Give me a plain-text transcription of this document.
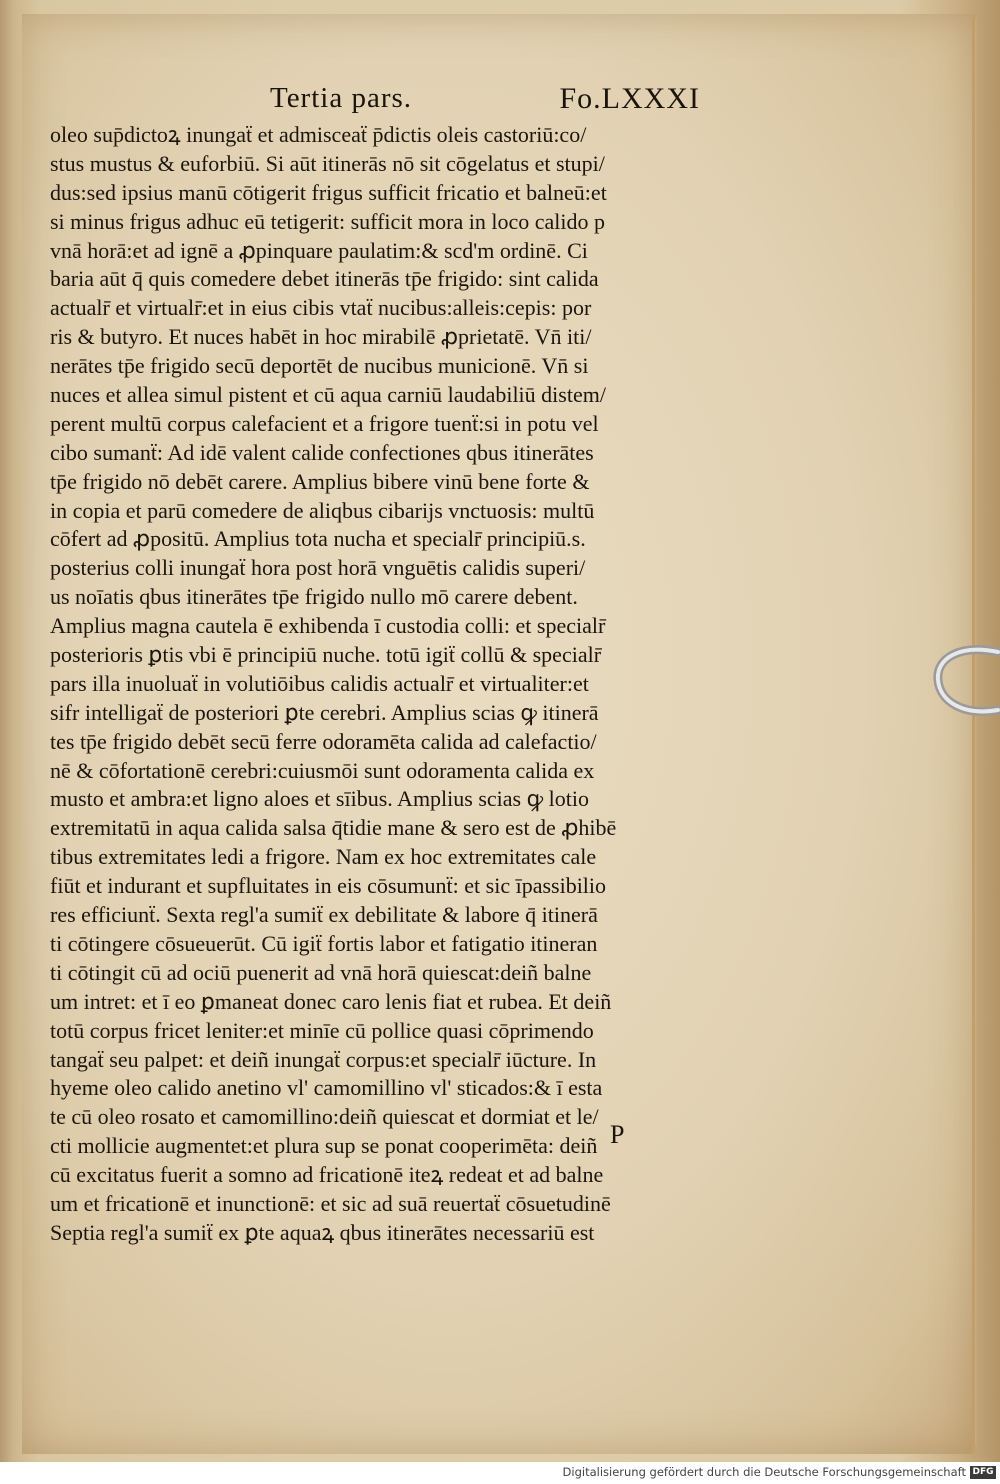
Tertia pars.	Fo.LXXXI
oleo sup̄dictoꝝ inungaẗ et admisceaẗ p̄dictis oleis castoriū:co/
stus mustus & euforbiū. Si aūt itinerās nō sit cōgelatus et stupi/
dus:sed ipsius manū cōtigerit frigus sufficit fricatio et balneū:et
si minus frigus adhuc eū tetigerit: sufficit mora in loco calido p
vnā horā:et ad ignē a ꝓpinquare paulatim:& scd'm ordinē. Ci
baria aūt q̄ quis comedere debet itinerās tp̄e frigido: sint calida
actualr̄ et virtualr̄:et in eius cibis vtaẗ nucibus:alleis:cepis: por
ris & butyro. Et nuces habēt in hoc mirabilē ꝓprietatē. Vn̄ iti/
nerātes tp̄e frigido secū deportēt de nucibus municionē. Vn̄ si
nuces et allea simul pistent et cū aqua carniū laudabiliū distem/
perent multū corpus calefacient et a frigore tuenẗ:si in potu vel
cibo sumanẗ: Ad idē valent calide confectiones qbus itinerātes
tp̄e frigido nō debēt carere. Amplius bibere vinū bene forte &
in copia et parū comedere de aliqbus cibarijs vnctuosis: multū
cōfert ad ꝓpositū. Amplius tota nucha et specialr̄ principiū.s.
posterius colli inungaẗ hora post horā vnguētis calidis superi/
us noīatis qbus itinerātes tp̄e frigido nullo mō carere debent.
Amplius magna cautela ē exhibenda ī custodia colli: et specialr̄
posterioris ꝑtis vbi ē principiū nuche. totū igiẗ collū & specialr̄
pars illa inuoluaẗ in volutiōibus calidis actualr̄ et virtualiter:et
sifr intelligaẗ de posteriori ꝑte cerebri. Amplius scias ꝙ itinerā
tes tp̄e frigido debēt secū ferre odoramēta calida ad calefactio/
nē & cōfortationē cerebri:cuiusmōi sunt odoramenta calida ex
musto et ambra:et ligno aloes et sīibus. Amplius scias ꝙ lotio
extremitatū in aqua calida salsa q̄tidie mane & sero est de ꝓhibē
tibus extremitates ledi a frigore. Nam ex hoc extremitates cale
fiūt et indurant et supfluitates in eis cōsumunẗ: et sic īpassibilio
res efficiunẗ. Sexta regl'a sumiẗ ex debilitate & labore q̄ itinerā
ti cōtingere cōsueuerūt. Cū igiẗ fortis labor et fatigatio itineran
ti cōtingit cū ad ociū puenerit ad vnā horā quiescat:deiñ balne
um intret: et ī eo ꝑmaneat donec caro lenis fiat et rubea. Et deiñ
totū corpus fricet leniter:et minīe cū pollice quasi cōprimendo
tangaẗ seu palpet: et deiñ inungaẗ corpus:et specialr̄ iūcture. In
hyeme oleo calido anetino vl' camomillino vl' sticados:& ī esta
te cū oleo rosato et camomillino:deiñ quiescat et dormiat et le/
cti mollicie augmentet:et plura sup se ponat cooperimēta: deiñ
cū excitatus fuerit a somno ad fricationē iteꝝ redeat et ad balne
um et fricationē et inunctionē: et sic ad suā reuertaẗ cōsuetudinē
Septia regl'a sumiẗ ex ꝑte aquaꝝ qbus itinerātes necessariū est
P
Digitalisierung gefördert durch die Deutsche Forschungsgemeinschaft DFG
